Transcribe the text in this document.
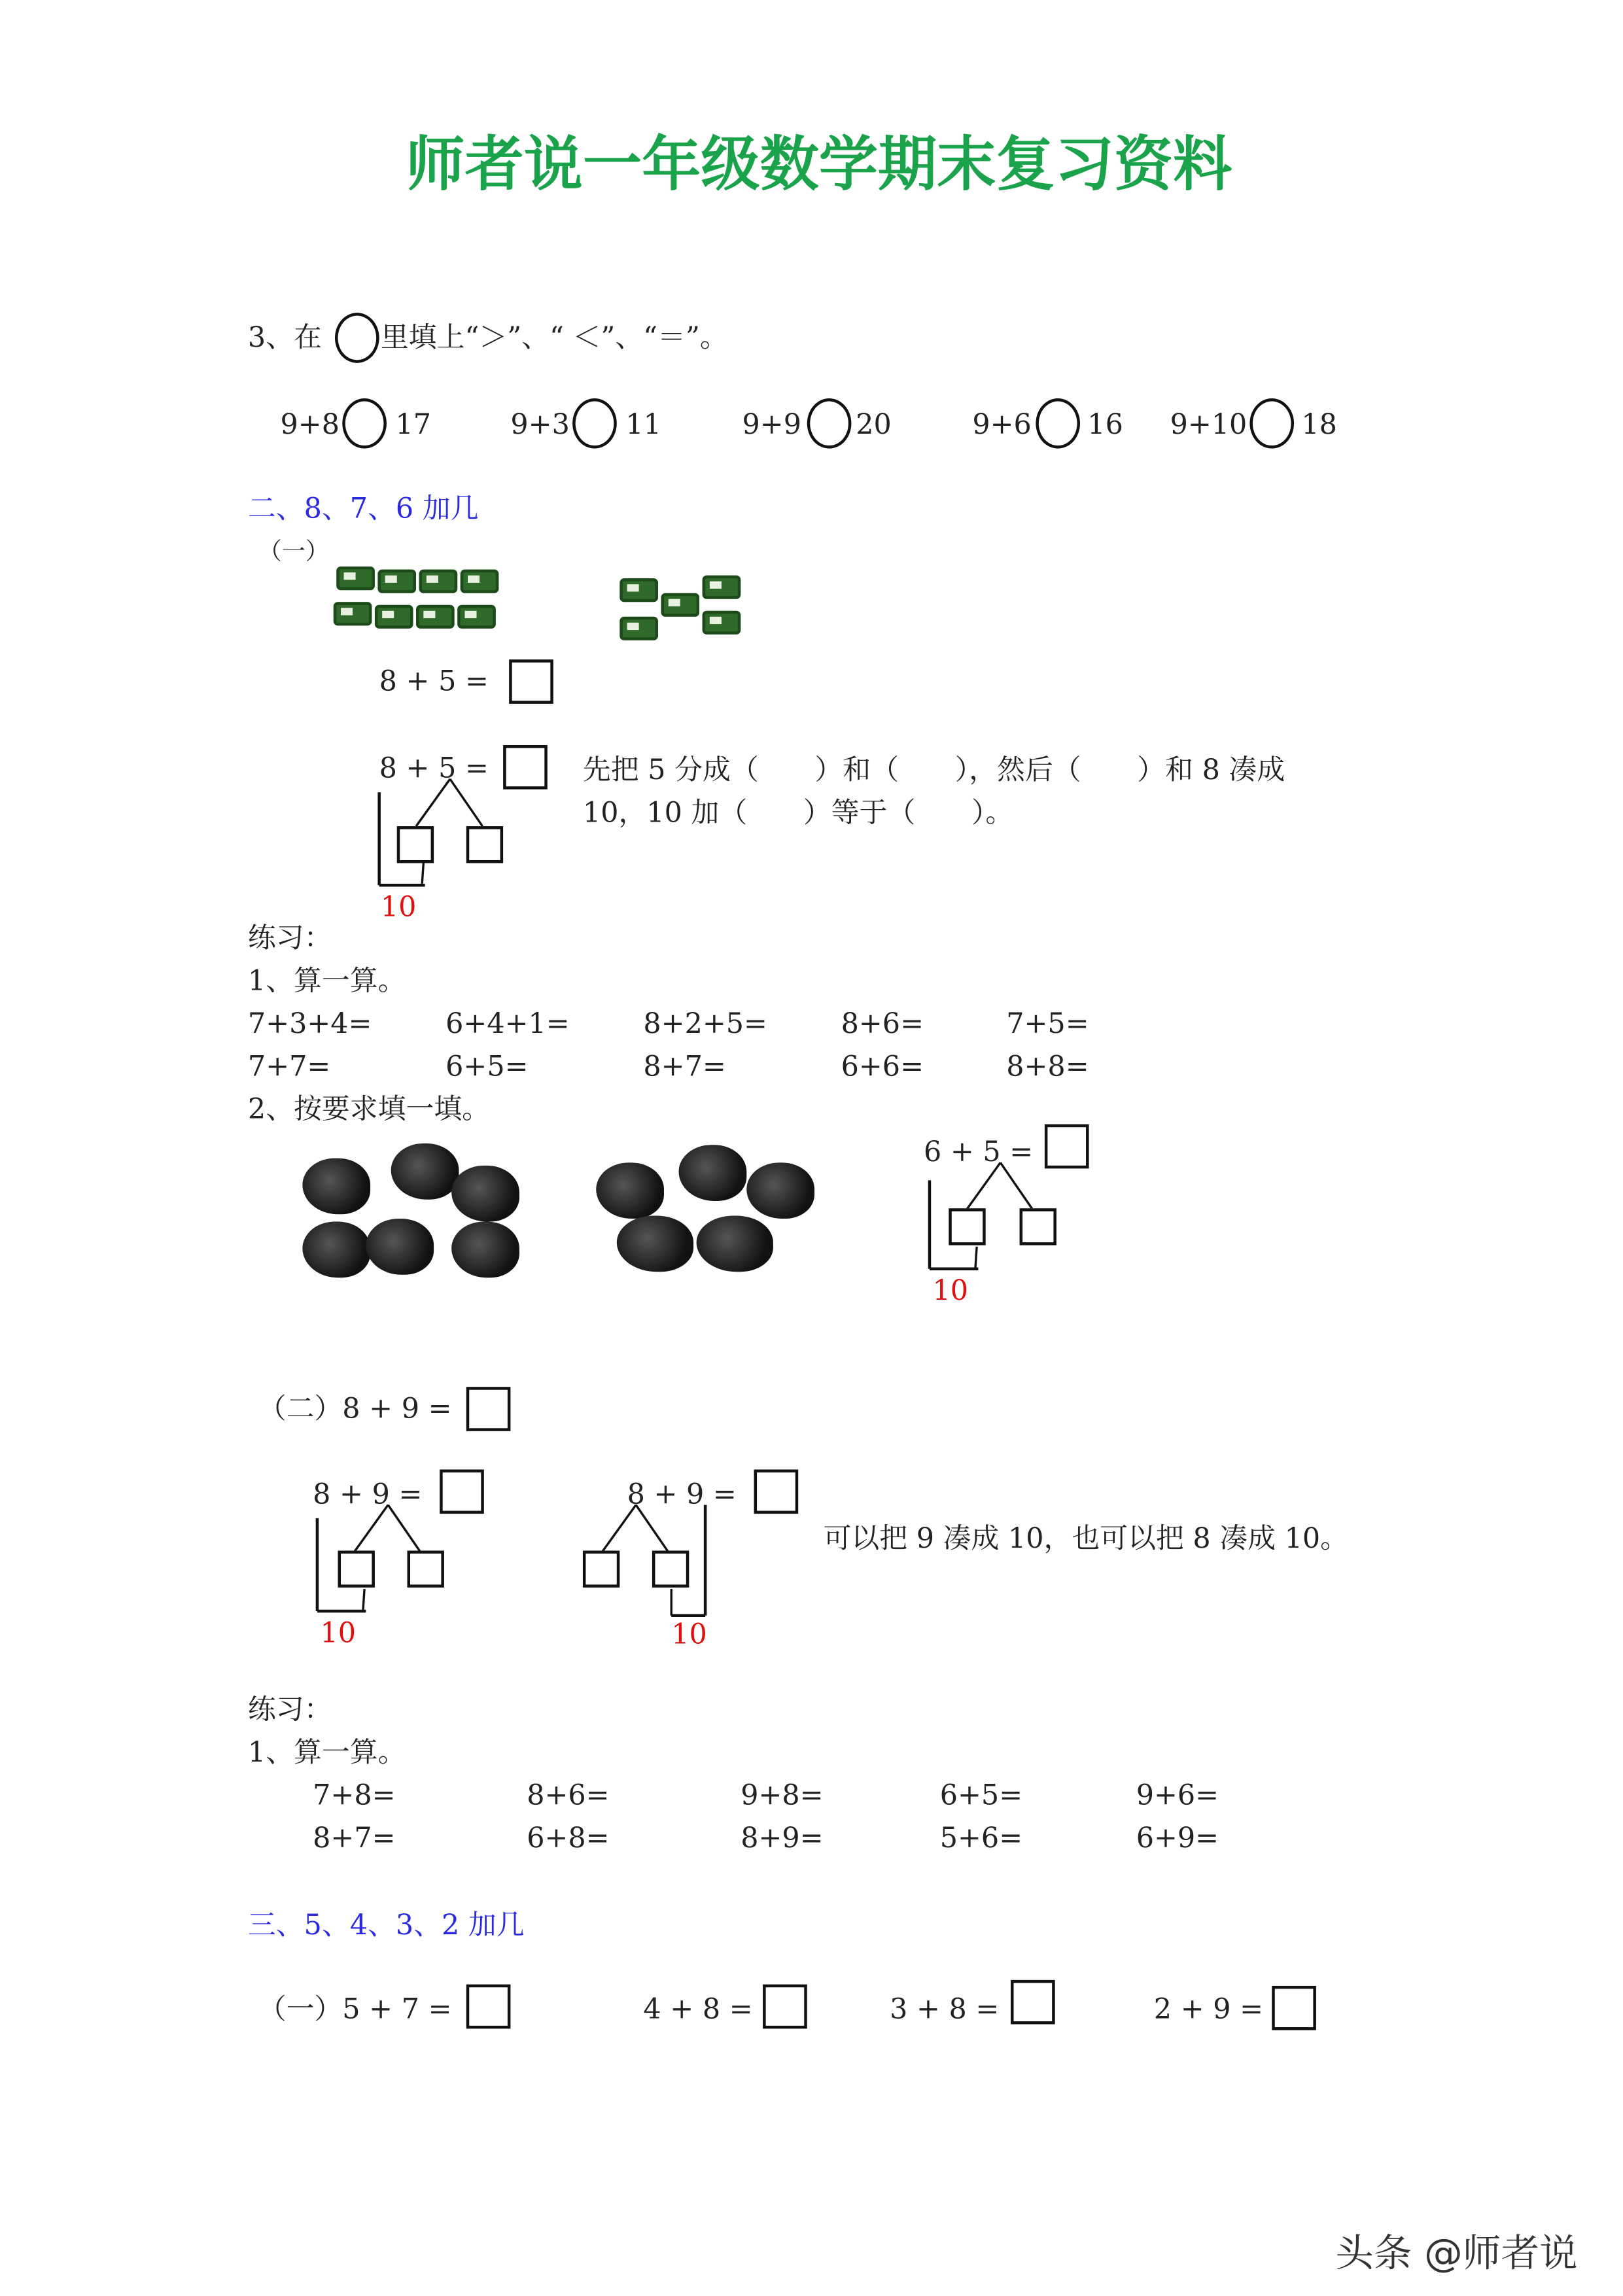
师者说一年级数学期末复习资料
3、在	里填上“＞”、“ ＜”、“＝”。
9+8	17	9+3	11	9+9	20	9+6	16	9+10	18
二、8、7、6 加几
（一）
8 + 5 =
8 + 5 =
10
先把 5 分成（　　）和（　　），然后（　　）和 8 凑成
10，10 加（　　）等于（　　）。
练习：
1、算一算。
7+3+4=	6+4+1=	8+2+5=	8+6=	7+5=
7+7=	6+5=	8+7=	6+6=	8+8=
2、按要求填一填。
6 + 5 =
10
（二）8 + 9 =
8 + 9 =
10
8 + 9 =
10
可以把 9 凑成 10，也可以把 8 凑成 10。
练习：
1、算一算。
7+8=	8+6=	9+8=	6+5=	9+6=
8+7=	6+8=	8+9=	5+6=	6+9=
三、5、4、3、2 加几
（一）5 + 7 =	4 + 8 =	3 + 8 =	2 + 9 =
头条 @师者说
